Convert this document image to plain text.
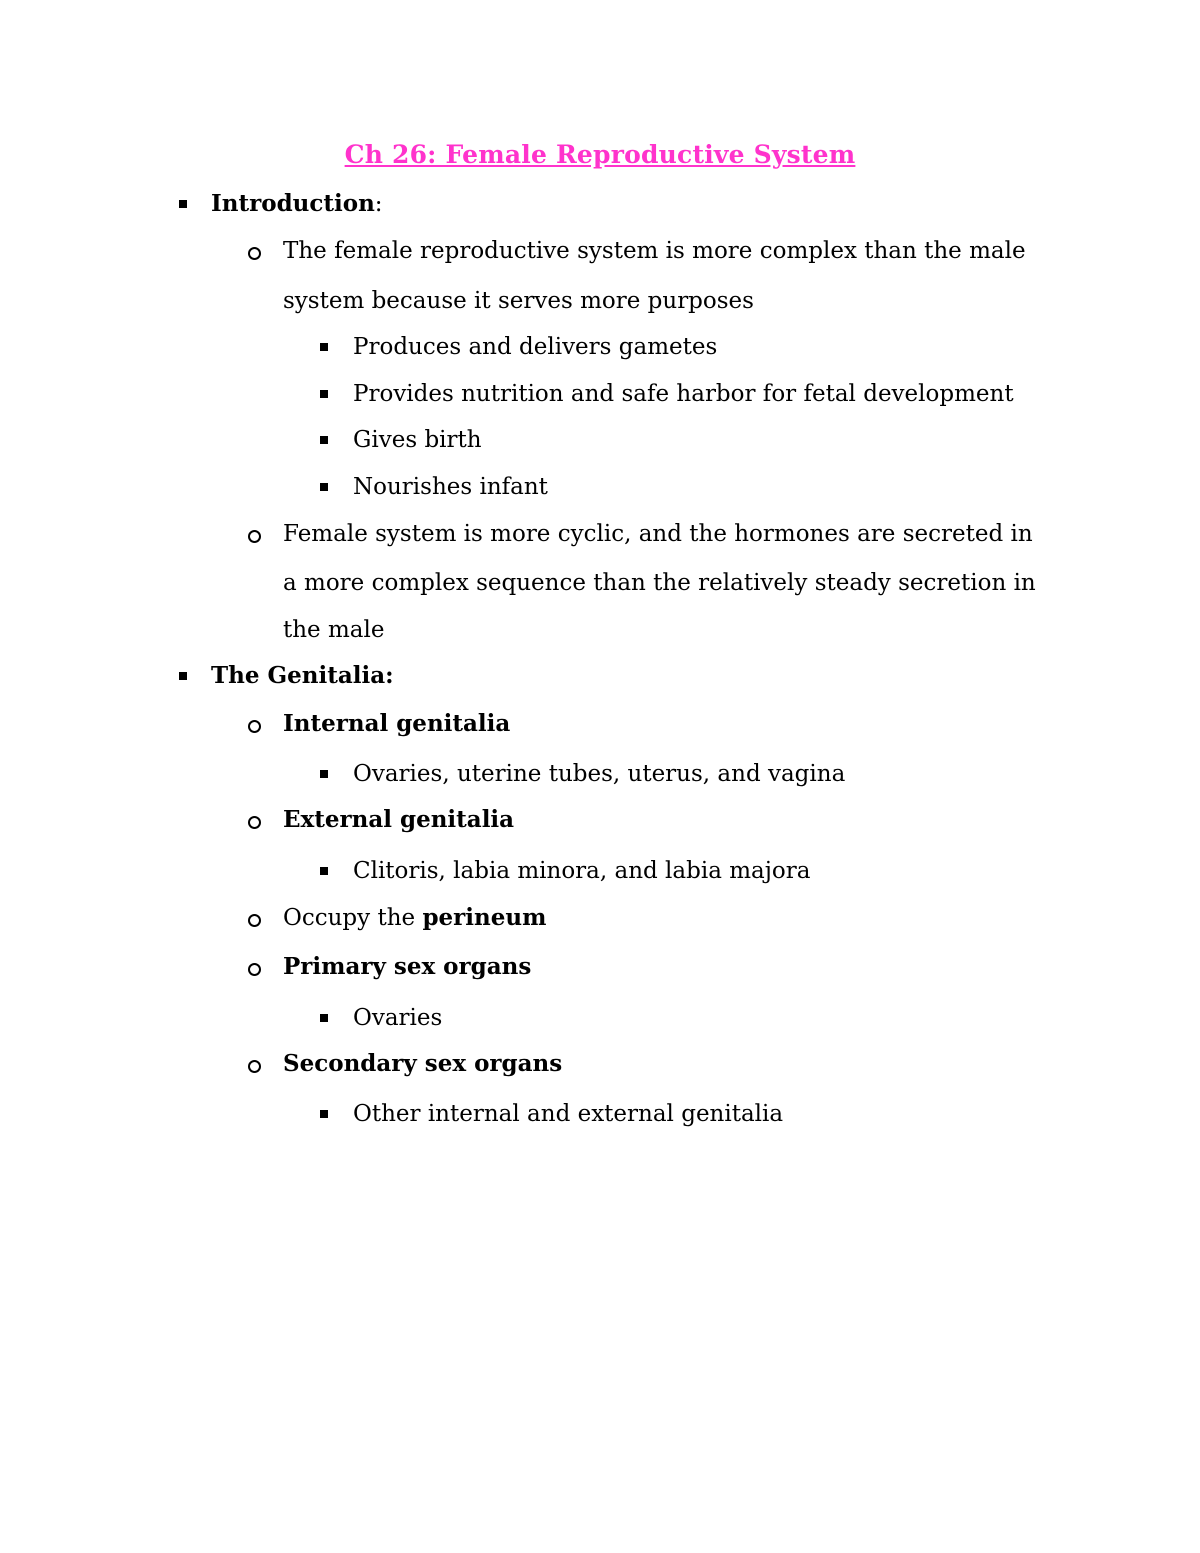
Ch 26: Female Reproductive System
Introduction:
The female reproductive system is more complex than the male
system because it serves more purposes
Produces and delivers gametes
Provides nutrition and safe harbor for fetal development
Gives birth
Nourishes infant
Female system is more cyclic, and the hormones are secreted in
a more complex sequence than the relatively steady secretion in
the male
The Genitalia:
Internal genitalia
Ovaries, uterine tubes, uterus, and vagina
External genitalia
Clitoris, labia minora, and labia majora
Occupy the perineum
Primary sex organs
Ovaries
Secondary sex organs
Other internal and external genitalia
